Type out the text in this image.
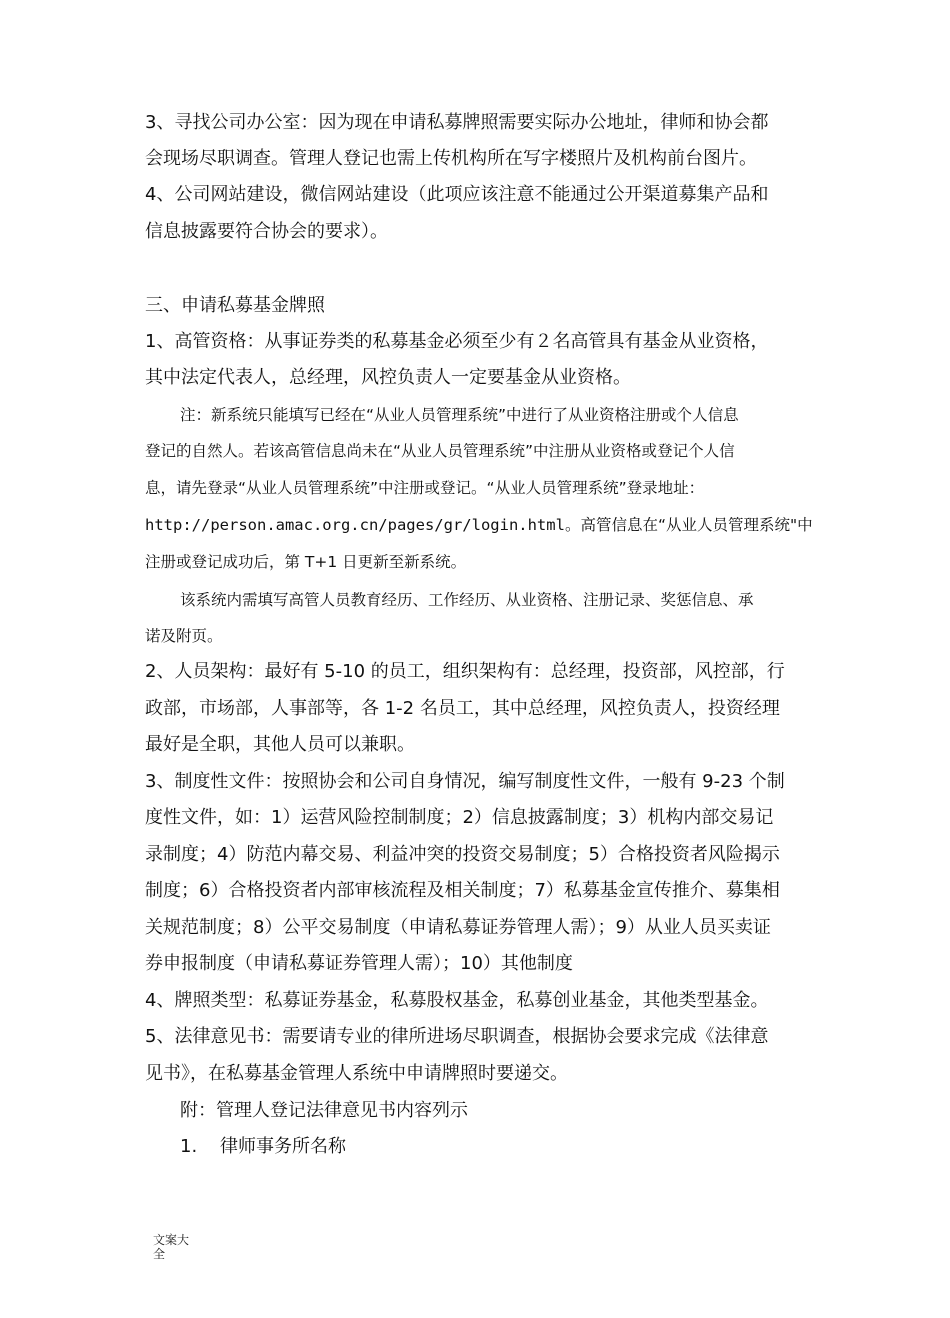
3、寻找公司办公室：因为现在申请私募牌照需要实际办公地址，律师和协会都
会现场尽职调查。管理人登记也需上传机构所在写字楼照片及机构前台图片。
4、公司网站建设，微信网站建设（此项应该注意不能通过公开渠道募集产品和
信息披露要符合协会的要求）。
三、申请私募基金牌照
1、高管资格：从事证券类的私募基金必须至少有２名高管具有基金从业资格，
其中法定代表人，总经理，风控负责人一定要基金从业资格。
注：新系统只能填写已经在“从业人员管理系统”中进行了从业资格注册或个人信息
登记的自然人。若该高管信息尚未在“从业人员管理系统”中注册从业资格或登记个人信
息，请先登录“从业人员管理系统”中注册或登记。“从业人员管理系统”登录地址：
http://person.amac.org.cn/pages/gr/login.html。高管信息在“从业人员管理系统"中
注册或登记成功后，第 T+1 日更新至新系统。
该系统内需填写高管人员教育经历、工作经历、从业资格、注册记录、奖惩信息、承
诺及附页。
2、人员架构：最好有 5-10 的员工，组织架构有：总经理，投资部，风控部，行
政部，市场部，人事部等，各 1-2 名员工，其中总经理，风控负责人，投资经理
最好是全职，其他人员可以兼职。
3、制度性文件：按照协会和公司自身情况，编写制度性文件，一般有 9-23 个制
度性文件，如：1）运营风险控制制度；2）信息披露制度；3）机构内部交易记
录制度；4）防范内幕交易、利益冲突的投资交易制度；5）合格投资者风险揭示
制度；6）合格投资者内部审核流程及相关制度；7）私募基金宣传推介、募集相
关规范制度；8）公平交易制度（申请私募证券管理人需）；9）从业人员买卖证
券申报制度（申请私募证券管理人需）；10）其他制度
4、牌照类型：私募证券基金，私募股权基金，私募创业基金，其他类型基金。
5、法律意见书：需要请专业的律所进场尽职调查，根据协会要求完成《法律意
见书》，在私募基金管理人系统中申请牌照时要递交。
附：管理人登记法律意见书内容列示
1. 律师事务所名称
文案大
全
